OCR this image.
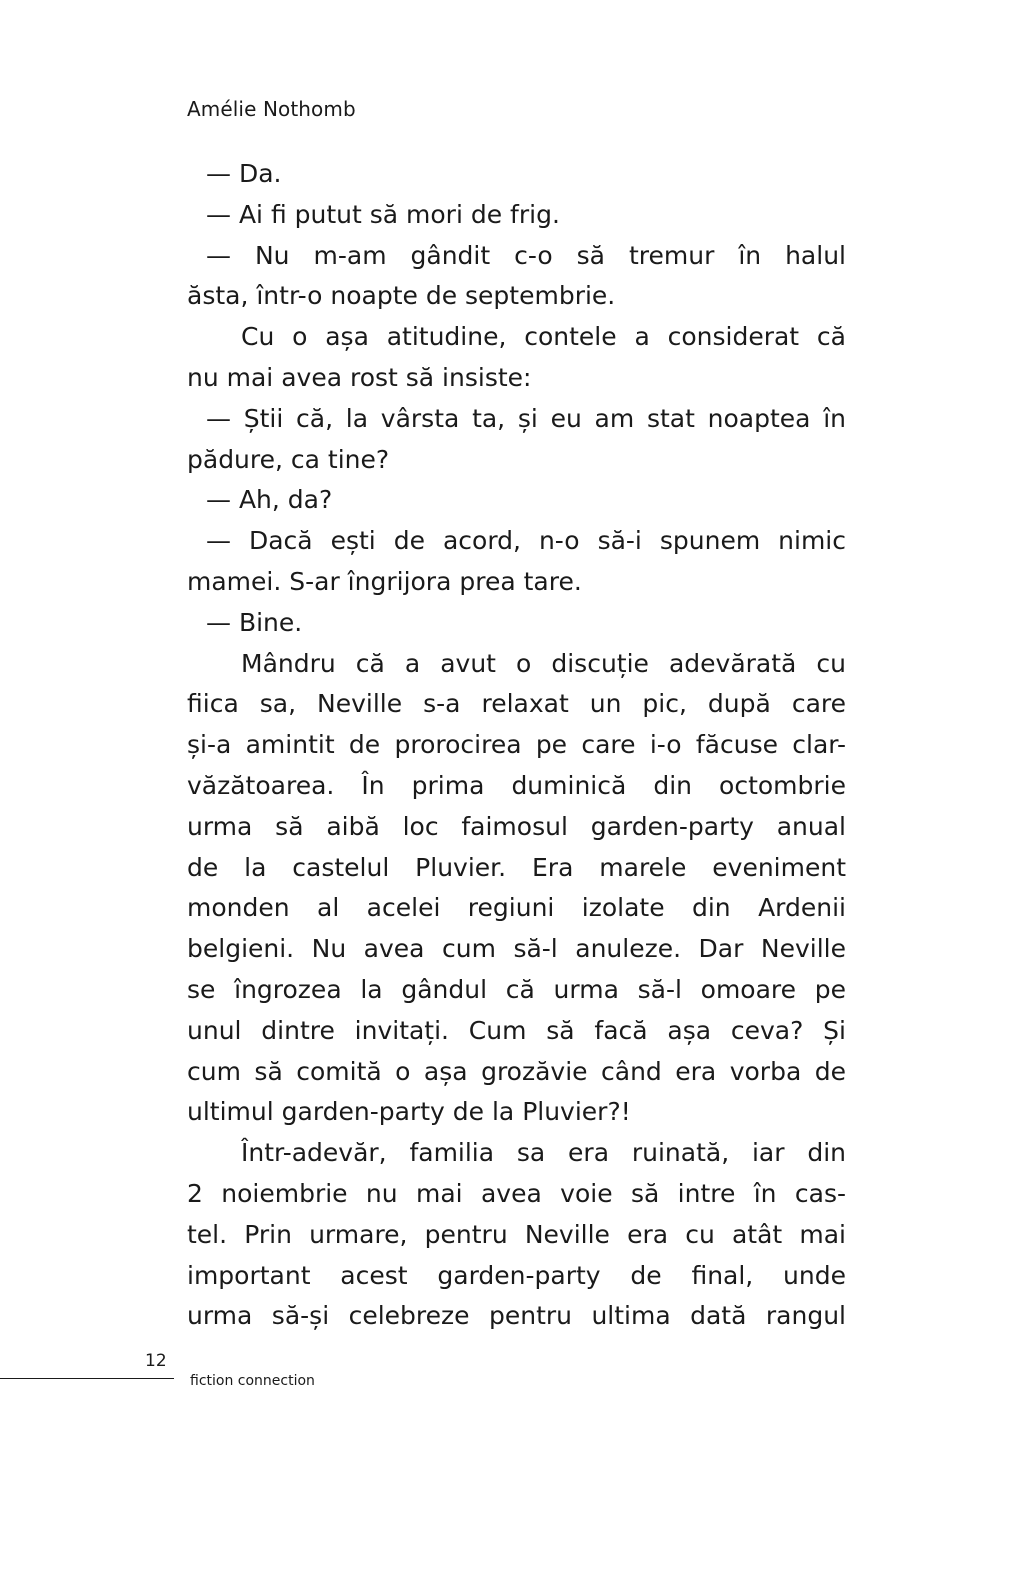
Amélie Nothomb
— Da.
— Ai fi putut să mori de frig.
— Nu m-am gândit c-o să tremur în halul
ăsta, într-o noapte de septembrie.
Cu o așa atitudine, contele a considerat că
nu mai avea rost să insiste:
— Știi că, la vârsta ta, și eu am stat noaptea în
pădure, ca tine?
— Ah, da?
— Dacă ești de acord, n-o să-i spunem nimic
mamei. S-ar îngrijora prea tare.
— Bine.
Mândru că a avut o discuție adevărată cu
fiica sa, Neville s-a relaxat un pic, după care
și-a amintit de prorocirea pe care i-o făcuse clar-
văzătoarea. În prima duminică din octombrie
urma să aibă loc faimosul garden-party anual
de la castelul Pluvier. Era marele eveniment
monden al acelei regiuni izolate din Ardenii
belgieni. Nu avea cum să-l anuleze. Dar Neville
se îngrozea la gândul că urma să-l omoare pe
unul dintre invitați. Cum să facă așa ceva? Și
cum să comită o așa grozăvie când era vorba de
ultimul garden-party de la Pluvier?!
Într-adevăr, familia sa era ruinată, iar din
2 noiembrie nu mai avea voie să intre în cas-
tel. Prin urmare, pentru Neville era cu atât mai
important acest garden-party de final, unde
urma să-și celebreze pentru ultima dată rangul
12
fiction connection
